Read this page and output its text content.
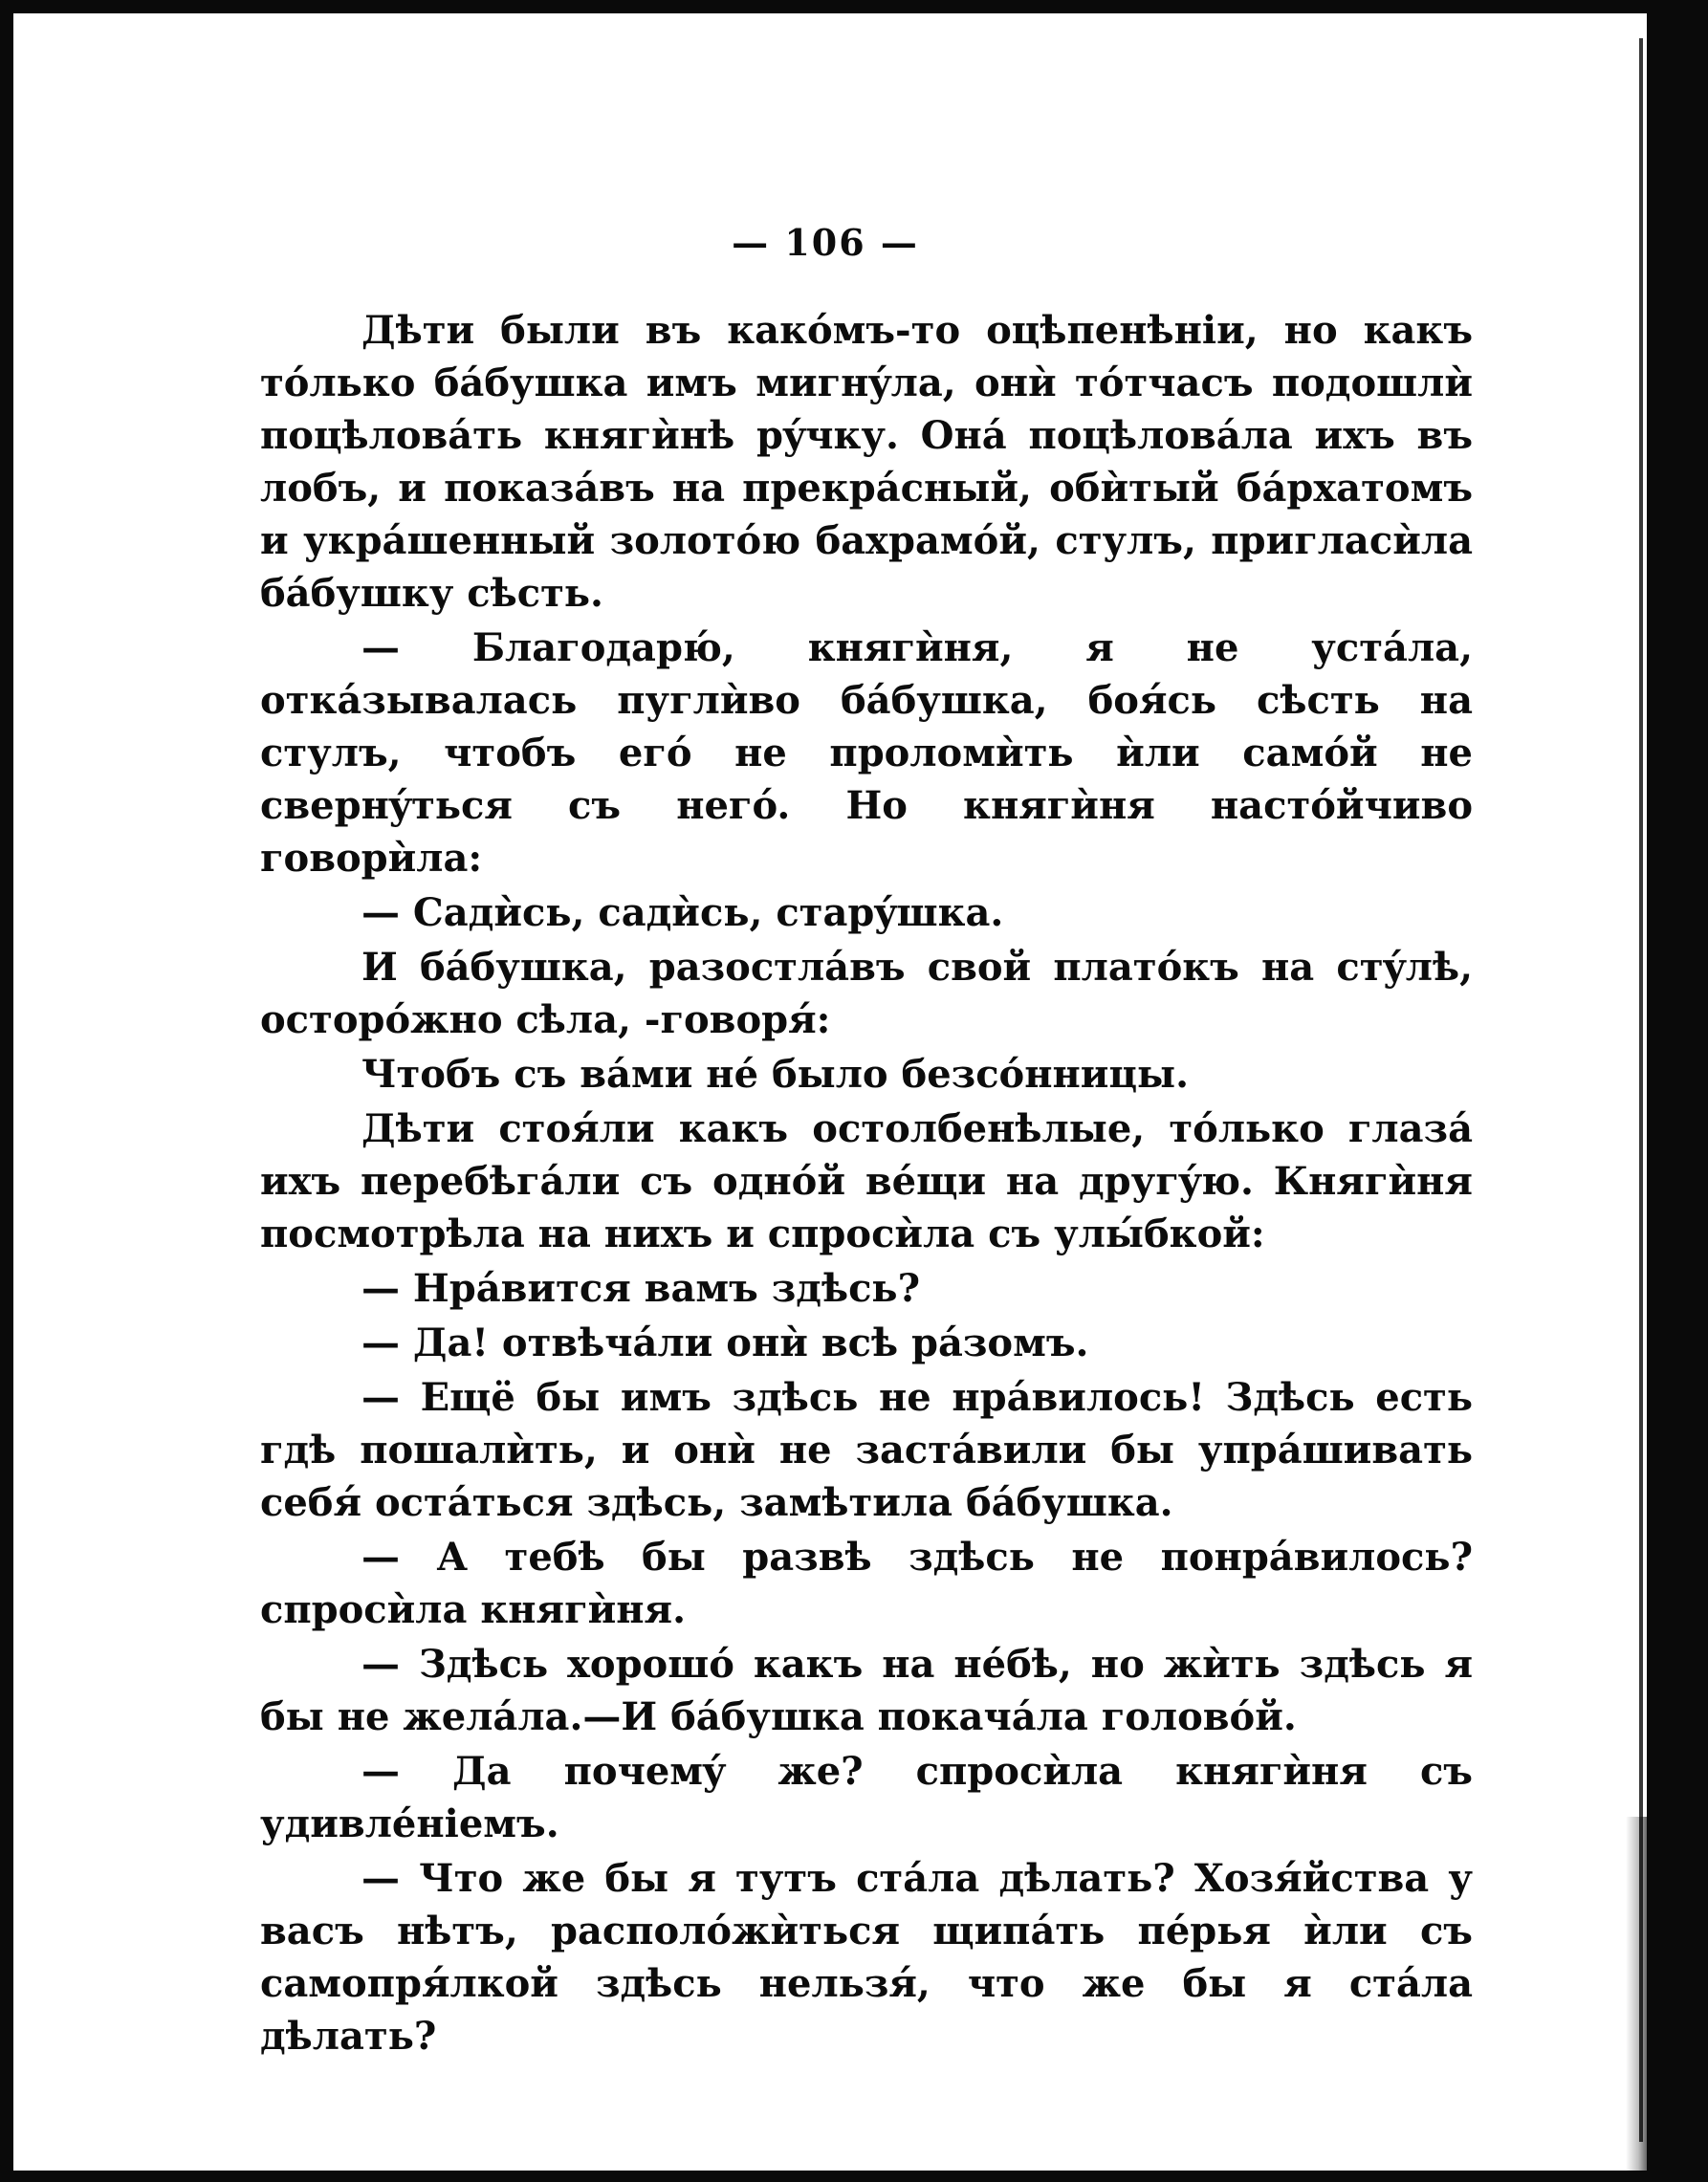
— 106 —

Дѣти были въ какóмъ-то оцѣпенѣнiи, но какъ тóлько бáбушка имъ мигнýла, онѝ тóтчасъ подошлѝ поцѣловáть княгѝнѣ рýчку. Онá поцѣловáла ихъ въ лобъ, и показáвъ на прекрáсный, обѝтый бáрхатомъ и укрáшенный золотóю бахрамóй, стулъ, пригласѝла бáбушку сѣсть.

— Благодарю́, княгѝня, я не устáла, откáзывалась пуглѝво бáбушка, боя́сь сѣсть на стулъ, чтобъ егó не проломѝть ѝли самóй не свернýться съ негó. Но княгѝня настóйчиво говорѝла:

— Садѝсь, садѝсь, старýшка.

И бáбушка, разостлáвъ свой платóкъ на стýлѣ, осторóжно сѣла, -говоря́:

Чтобъ съ вáми нé было безсóнницы.

Дѣти стоя́ли какъ остолбенѣлые, тóлько глазá ихъ перебѣгáли съ однóй вéщи на другýю. Княгѝня посмотрѣла на нихъ и спросѝла съ улы́бкой:

— Нрáвится вамъ здѣсь?

— Да! отвѣчáли онѝ всѣ рáзомъ.

— Ещё бы имъ здѣсь не нрáвилось! Здѣсь есть гдѣ пошалѝть, и онѝ не застáвили бы упрáшивать себя́ остáться здѣсь, замѣтила бáбушка.

— А тебѣ бы развѣ здѣсь не понрáвилось? спросѝла княгѝня.

— Здѣсь хорошó какъ на нéбѣ, но жѝть здѣсь я бы не желáла.—И бáбушка покачáла головóй.

— Да почемý же? спросѝла княгѝня съ удивлéнiемъ.

— Что же бы я тутъ стáла дѣлать? Хозя́йства у васъ нѣтъ, располóжѝться щипáть пéрья ѝли съ самопря́лкой здѣсь нельзя́, что же бы я стáла дѣлать?
